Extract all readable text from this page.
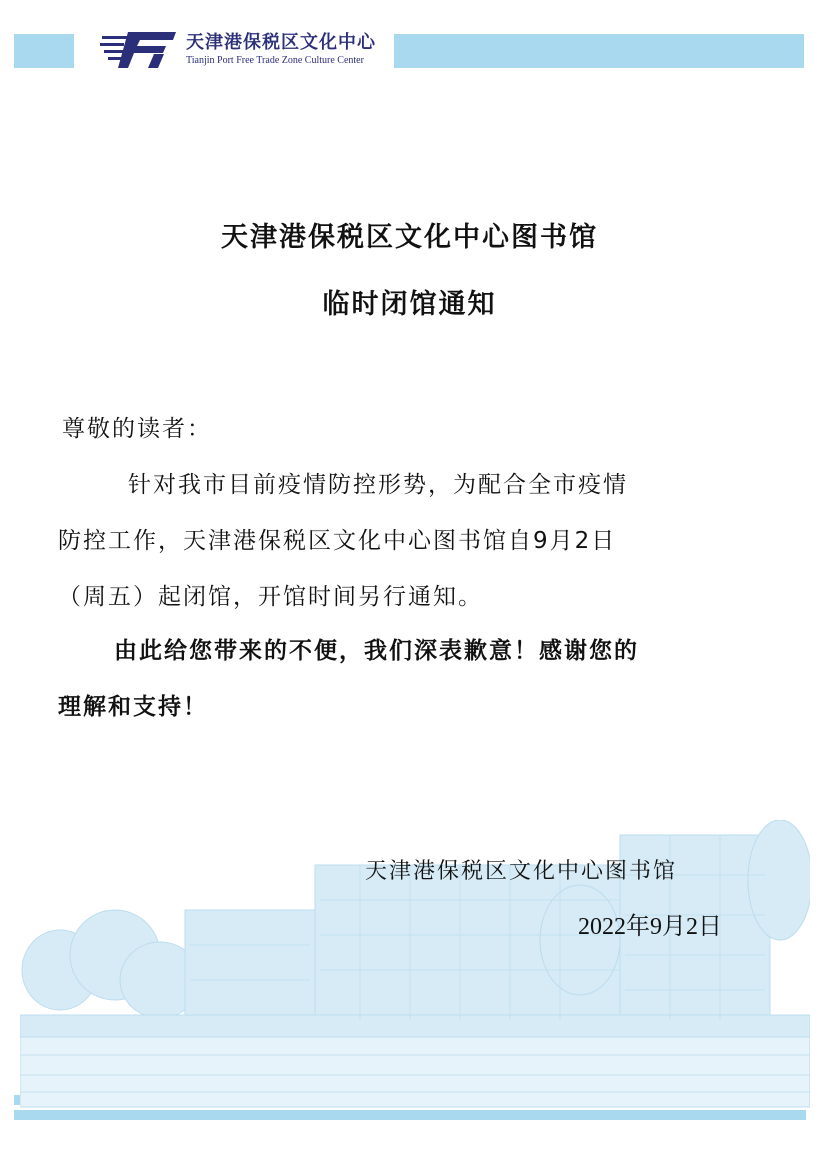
天津港保税区文化中心
Tianjin Port Free Trade Zone Culture Center
天津港保税区文化中心图书馆
临时闭馆通知
尊敬的读者：
针对我市目前疫情防控形势，为配合全市疫情
防控工作，天津港保税区文化中心图书馆自9月2日
（周五）起闭馆，开馆时间另行通知。
由此给您带来的不便，我们深表歉意！感谢您的
理解和支持！
天津港保税区文化中心图书馆
2022年9月2日
